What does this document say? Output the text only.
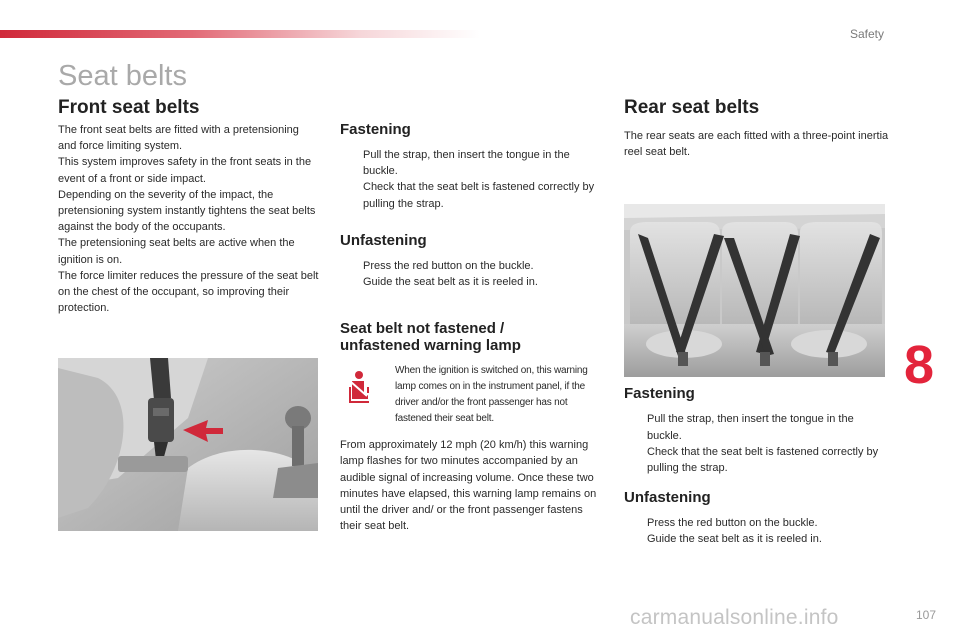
Safety
Seat belts
Front seat belts

The front seat belts are fitted with a pretensioning and force limiting system.

This system improves safety in the front seats in the event of a front or side impact.

Depending on the severity of the impact, the pretensioning system instantly tightens the seat belts against the body of the occupants.

The pretensioning seat belts are active when the ignition is on.

The force limiter reduces the pressure of the seat belt on the chest of the occupant, so improving their protection.

Fastening
Pull the strap, then insert the tongue in the buckle.
Check that the seat belt is fastened correctly by pulling the strap.
Unfastening
Press the red button on the buckle.
Guide the seat belt as it is reeled in.
Seat belt not fastened /
unfastened warning lamp
When the ignition is switched on, this warning lamp comes on in the instrument panel, if the driver and/or the front passenger has not fastened their seat belt.
From approximately 12 mph (20 km/h) this warning lamp flashes for two minutes accompanied by an audible signal of increasing volume. Once these two minutes have elapsed, this warning lamp remains on until the driver and/ or the front passenger fastens their seat belt.
Rear seat belts
The rear seats are each fitted with a three-point inertia reel seat belt.
Fastening
Pull the strap, then insert the tongue in the buckle.
Check that the seat belt is fastened correctly by pulling the strap.
Unfastening
Press the red button on the buckle.
Guide the seat belt as it is reeled in.
8
carmanualsonline.info	107
